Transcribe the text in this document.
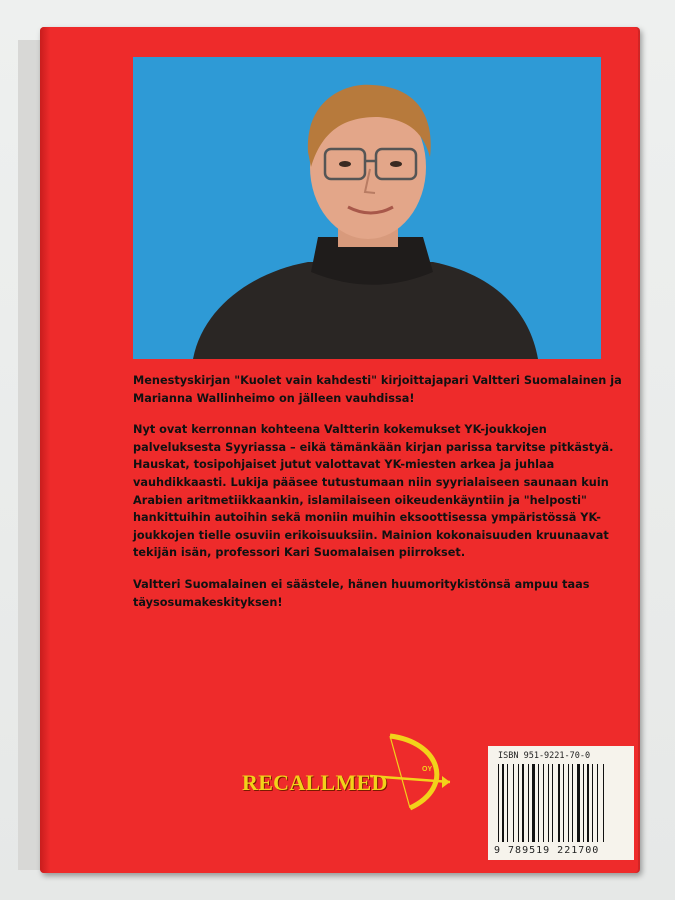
Menestyskirjan "Kuolet vain kahdesti" kirjoittajapari Valtteri Suomalainen ja Marianna Wallinheimo on jälleen vauhdissa!

Nyt ovat kerronnan kohteena Valtterin kokemukset YK-joukkojen palveluksesta Syyriassa – eikä tämänkään kirjan parissa tarvitse pitkästyä. Hauskat, tosipohjaiset jutut valottavat YK-miesten arkea ja juhlaa vauhdikkaasti. Lukija pääsee tutustumaan niin syyrialaiseen saunaan kuin Arabien aritmetiikkaankin, islamilaiseen oikeudenkäyntiin ja "helposti" hankittuihin autoihin sekä moniin muihin eksoottisessa ympäristössä YK-joukkojen tielle osuviin erikoisuuksiin. Mainion kokonaisuuden kruunaavat tekijän isän, professori Kari Suomalaisen piirrokset.

Valtteri Suomalainen ei säästele, hänen huumoritykistönsä ampuu taas täysosumakeskityksen!

RECALLMED
OY
ISBN 951-9221-70-0
9 789519 221700
